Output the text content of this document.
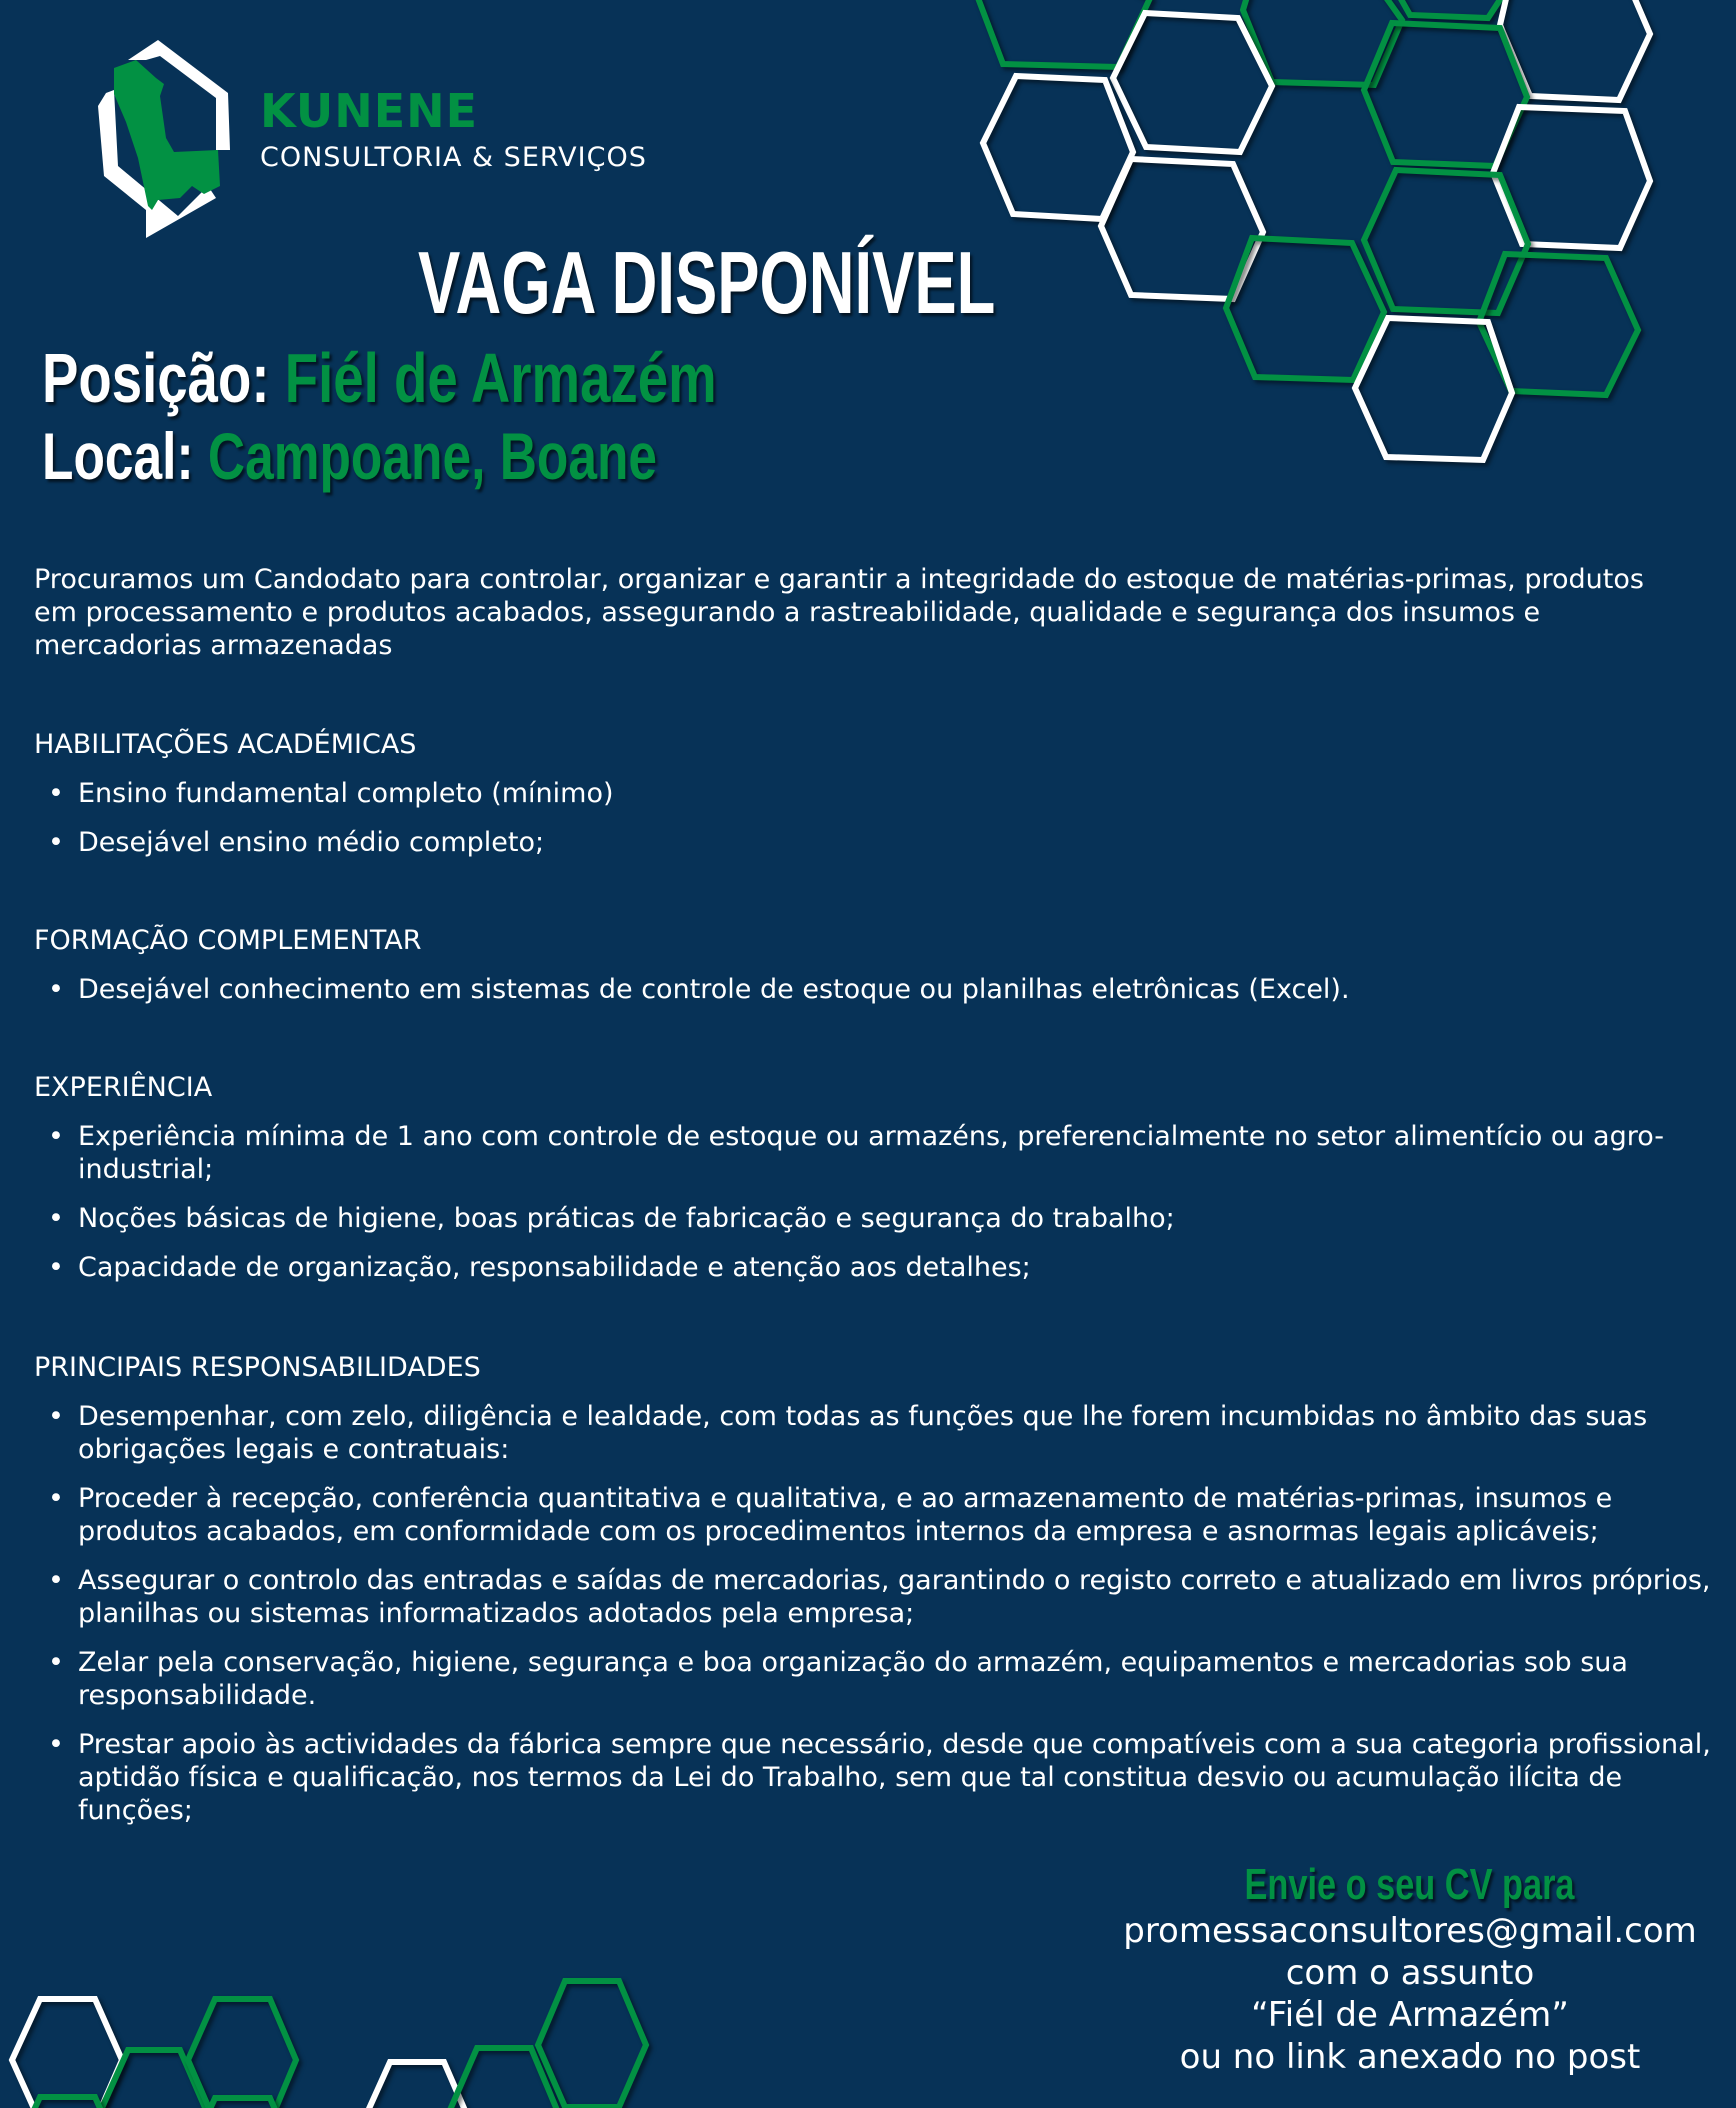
KUNENE
CONSULTORIA & SERVIÇOS
VAGA DISPONÍVEL
Posição: Fiél de Armazém
Local: Campoane, Boane
Procuramos um Candodato para controlar, organizar e garantir a integridade do estoque de matérias-primas, produtos em processamento e produtos acabados, assegurando a rastreabilidade, qualidade e segurança dos insumos e mercadorias armazenadas
HABILITAÇÕES ACADÉMICAS
• Ensino fundamental completo (mínimo)
• Desejável ensino médio completo;
FORMAÇÃO COMPLEMENTAR
• Desejável conhecimento em sistemas de controle de estoque ou planilhas eletrônicas (Excel).
EXPERIÊNCIA
• Experiência mínima de 1 ano com controle de estoque ou armazéns, preferencialmente no setor alimentício ou agro-industrial;
• Noções básicas de higiene, boas práticas de fabricação e segurança do trabalho;
• Capacidade de organização, responsabilidade e atenção aos detalhes;
PRINCIPAIS RESPONSABILIDADES
• Desempenhar, com zelo, diligência e lealdade, com todas as funções que lhe forem incumbidas no âmbito das suas obrigações legais e contratuais:
• Proceder à recepção, conferência quantitativa e qualitativa, e ao armazenamento de matérias-primas, insumos e produtos acabados, em conformidade com os procedimentos internos da empresa e asnormas legais aplicáveis;
• Assegurar o controlo das entradas e saídas de mercadorias, garantindo o registo correto e atualizado em livros próprios, planilhas ou sistemas informatizados adotados pela empresa;
• Zelar pela conservação, higiene, segurança e boa organização do armazém, equipamentos e mercadorias sob sua responsabilidade.
• Prestar apoio às actividades da fábrica sempre que necessário, desde que compatíveis com a sua categoria profissional, aptidão física e qualificação, nos termos da Lei do Trabalho, sem que tal constitua desvio ou acumulação ilícita de funções;
Envie o seu CV para
promessaconsultores@gmail.com
com o assunto
“Fiél de Armazém”
ou no link anexado no post
